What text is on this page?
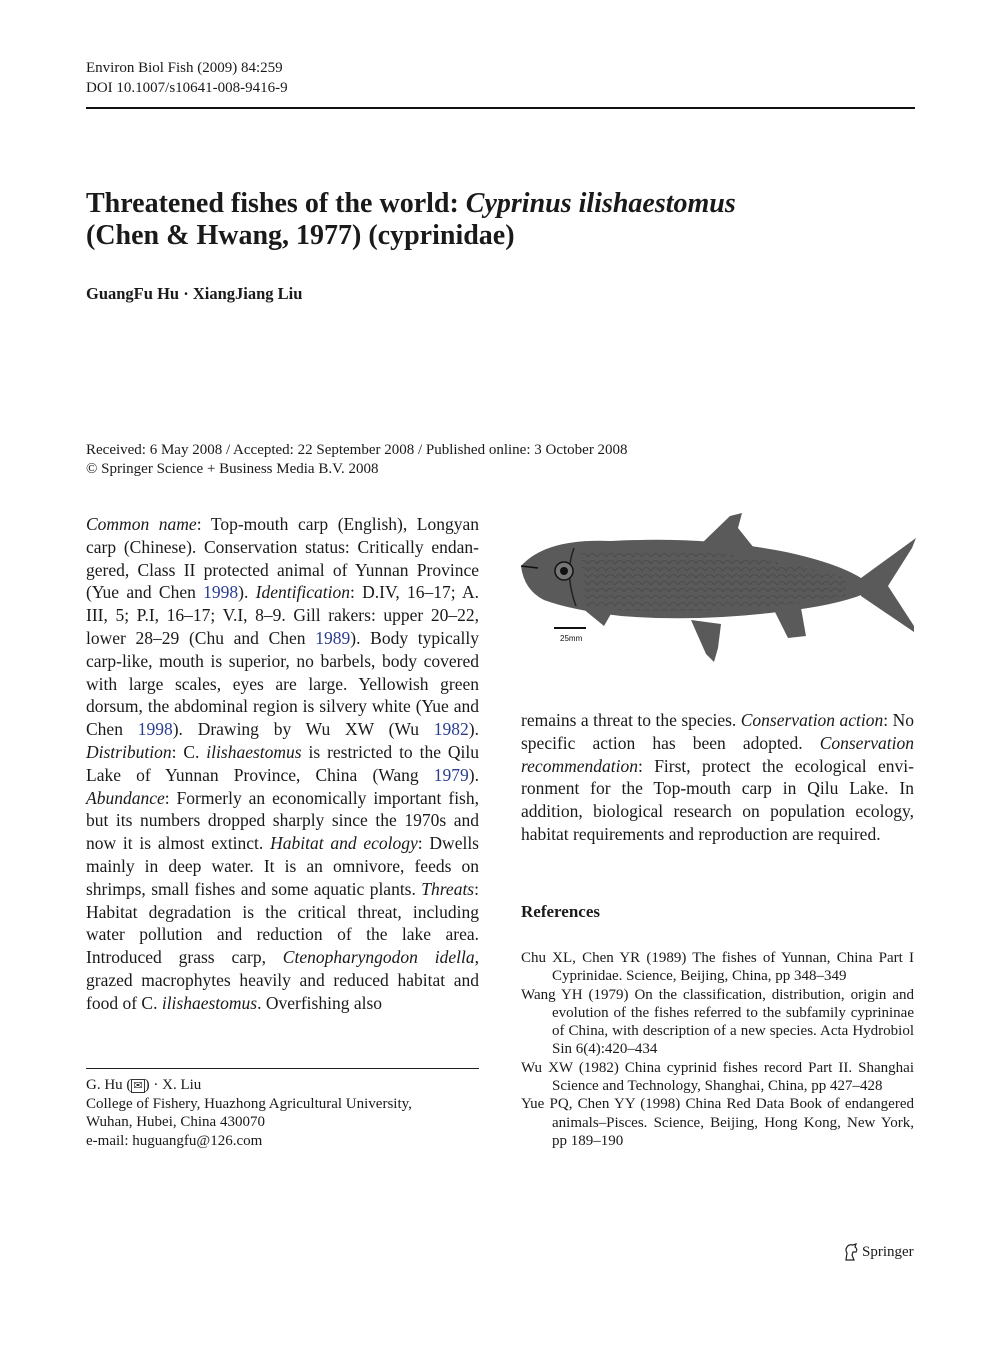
Environ Biol Fish (2009) 84:259
DOI 10.1007/s10641-008-9416-9
Threatened fishes of the world: Cyprinus ilishaestomus
(Chen & Hwang, 1977) (cyprinidae)
GuangFu Hu · XiangJiang Liu
Received: 6 May 2008 / Accepted: 22 September 2008 / Published online: 3 October 2008
© Springer Science + Business Media B.V. 2008
Common name: Top-mouth carp (English), Longyan carp (Chinese). Conservation status: Critically endan-gered, Class II protected animal of Yunnan Province (Yue and Chen 1998). Identification: D.IV, 16–17; A. III, 5; P.I, 16–17; V.I, 8–9. Gill rakers: upper 20–22, lower 28–29 (Chu and Chen 1989). Body typically carp-like, mouth is superior, no barbels, body covered with large scales, eyes are large. Yellowish green dorsum, the abdominal region is silvery white (Yue and Chen 1998). Drawing by Wu XW (Wu 1982). Distribution: C. ilishaestomus is restricted to the Qilu Lake of Yunnan Province, China (Wang 1979). Abundance: Formerly an economically important fish, but its numbers dropped sharply since the 1970s and now it is almost extinct. Habitat and ecology: Dwells mainly in deep water. It is an omnivore, feeds on shrimps, small fishes and some aquatic plants. Threats: Habitat degradation is the critical threat, including water pollution and reduction of the lake area. Introduced grass carp, Ctenopharyngodon idella, grazed macrophytes heavily and reduced habitat and food of C. ilishaestomus. Overfishing also
25mm
remains a threat to the species. Conservation action: No specific action has been adopted. Conservation recommendation: First, protect the ecological envi-ronment for the Top-mouth carp in Qilu Lake. In addition, biological research on population ecology, habitat requirements and reproduction are required.
G. Hu ( ✉ ) · X. Liu
College of Fishery, Huazhong Agricultural University,
Wuhan, Hubei, China 430070
e-mail: huguangfu@126.com
References

Chu XL, Chen YR (1989) The fishes of Yunnan, China Part I Cyprinidae. Science, Beijing, China, pp 348–349

Wang YH (1979) On the classification, distribution, origin and evolution of the fishes referred to the subfamily cyprininae of China, with description of a new species. Acta Hydrobiol Sin 6(4):420–434

Wu XW (1982) China cyprinid fishes record Part II. Shanghai Science and Technology, Shanghai, China, pp 427–428

Yue PQ, Chen YY (1998) China Red Data Book of endangered animals–Pisces. Science, Beijing, Hong Kong, New York, pp 189–190

Springer
